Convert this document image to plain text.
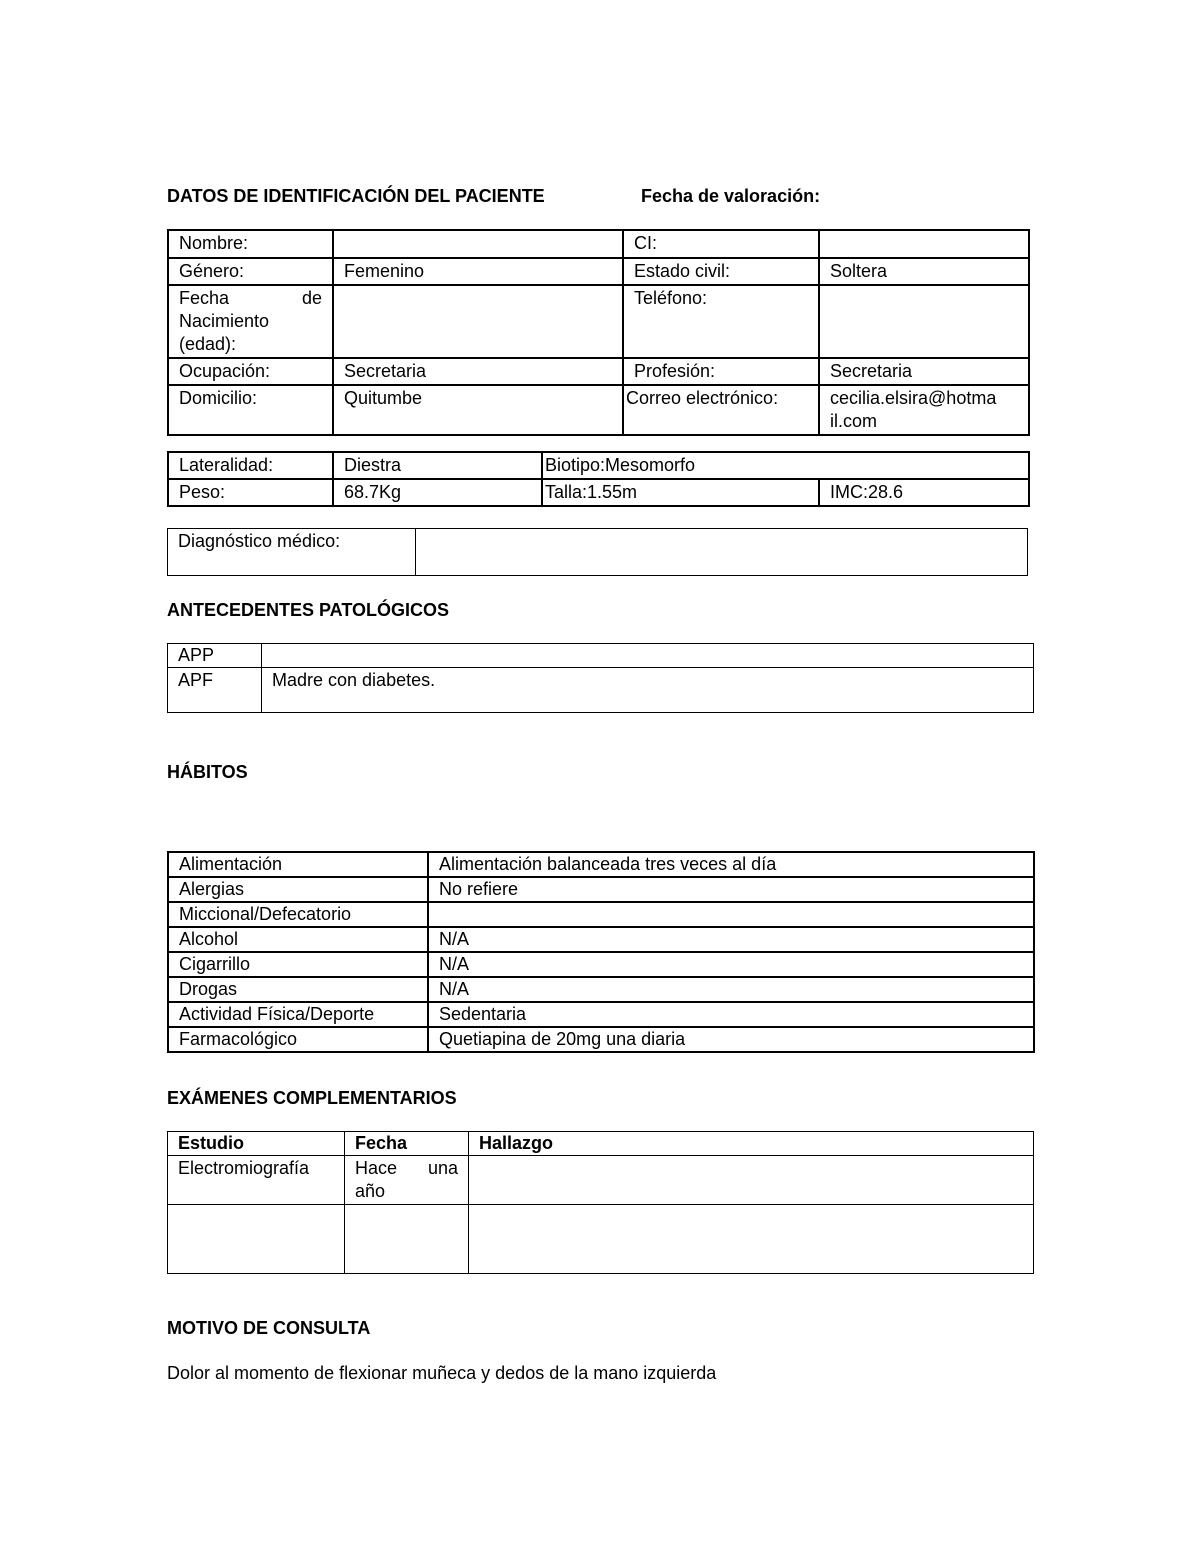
DATOS DE IDENTIFICACIÓN DEL PACIENTE	Fecha de valoración:
Nombre:		CI:	
Género:	Femenino	Estado civil:	Soltera

Fecha de
Nacimiento
(edad):		Teléfono:	
Ocupación:	Secretaria	Profesión:	Secretaria
Domicilio:	Quitumbe	Correo electrónico:	cecilia.elsira@hotma
il.com
Lateralidad:	Diestra	Biotipo:Mesomorfo	
Peso:	68.7Kg	Talla:1.55m	IMC:28.6
Diagnóstico médico:	
ANTECEDENTES PATOLÓGICOS
APP	
APF	Madre con diabetes.
HÁBITOS
Alimentación	Alimentación balanceada tres veces al día
Alergias	No refiere
Miccional/Defecatorio	
Alcohol	N/A
Cigarrillo	N/A
Drogas	N/A
Actividad Física/Deporte	Sedentaria
Farmacológico	Quetiapina de 20mg una diaria
EXÁMENES COMPLEMENTARIOS
Estudio	Fecha	Hallazgo
Electromiografía	Hace una
año	

MOTIVO DE CONSULTA
Dolor al momento de flexionar muñeca y dedos de la mano izquierda
